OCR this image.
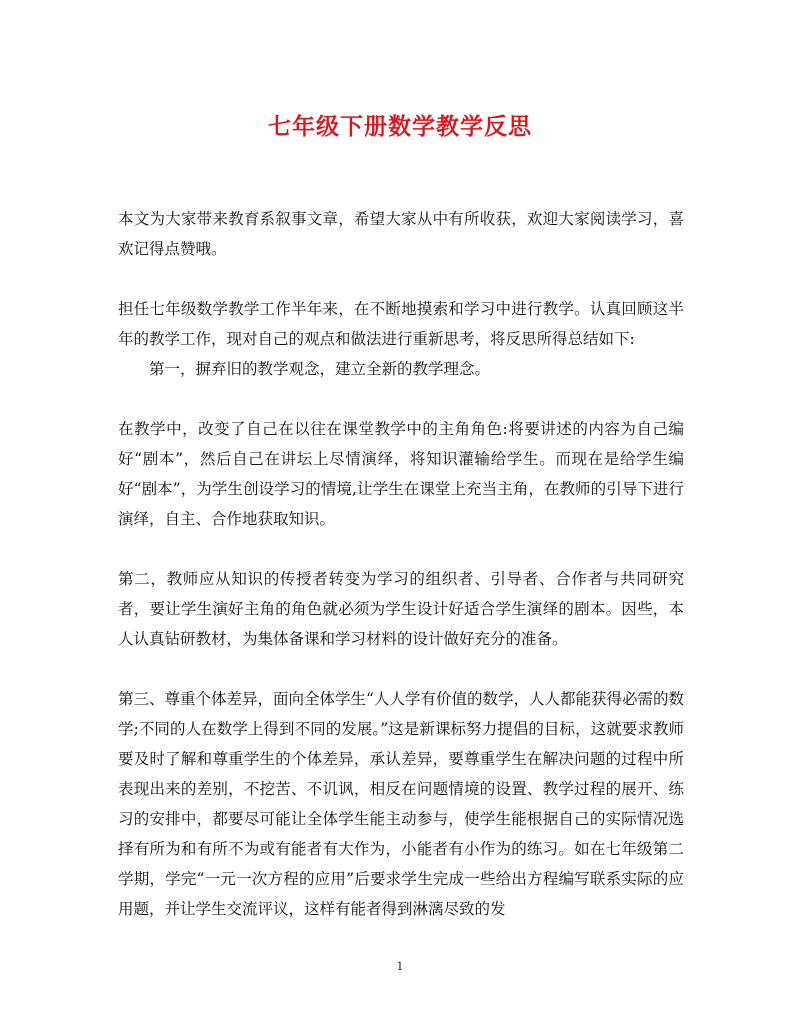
七年级下册数学教学反思

本文为大家带来教育系叙事文章，希望大家从中有所收获，欢迎大家阅读学习，喜欢记得点赞哦。

担任七年级数学教学工作半年来，在不断地摸索和学习中进行教学。认真回顾这半年的教学工作，现对自己的观点和做法进行重新思考，将反思所得总结如下:

第一，摒弃旧的教学观念，建立全新的教学理念。

在教学中，改变了自己在以往在课堂教学中的主角角色:将要讲述的内容为自己编好“剧本”，然后自己在讲坛上尽情演绎，将知识灌输给学生。而现在是给学生编好“剧本”，为学生创设学习的情境,让学生在课堂上充当主角，在教师的引导下进行演绎，自主、合作地获取知识。

第二，教师应从知识的传授者转变为学习的组织者、引导者、合作者与共同研究者，要让学生演好主角的角色就必须为学生设计好适合学生演绎的剧本。因些，本人认真钻研教材，为集体备课和学习材料的设计做好充分的准备。

第三、尊重个体差异，面向全体学生“人人学有价值的数学，人人都能获得必需的数学;不同的人在数学上得到不同的发展。”这是新课标努力提倡的目标，这就要求教师要及时了解和尊重学生的个体差异，承认差异，要尊重学生在解决问题的过程中所表现出来的差别，不挖苦、不讥讽，相反在问题情境的设置、教学过程的展开、练习的安排中，都要尽可能让全体学生能主动参与，使学生能根据自己的实际情况选择有所为和有所不为或有能者有大作为，小能者有小作为的练习。如在七年级第二学期，学完“一元一次方程的应用”后要求学生完成一些给出方程编写联系实际的应用题，并让学生交流评议，这样有能者得到淋漓尽致的发

1
